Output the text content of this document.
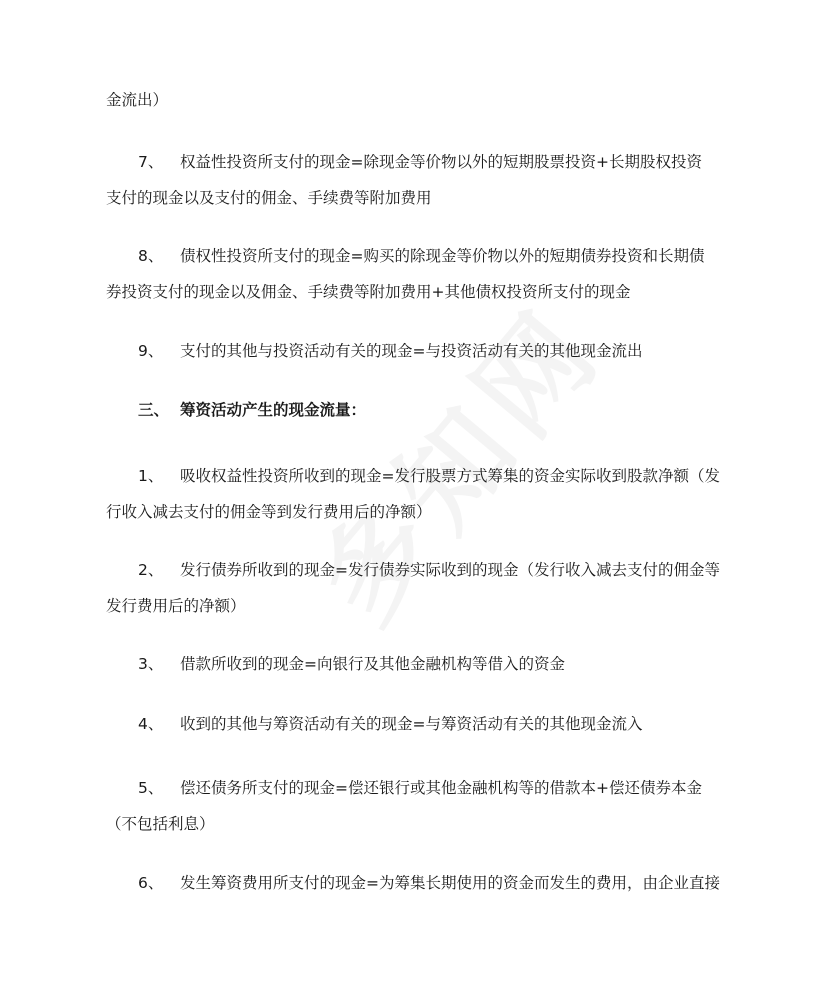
金流出）
7、 权益性投资所支付的现金=除现金等价物以外的短期股票投资+长期股权投资
支付的现金以及支付的佣金、手续费等附加费用
8、 债权性投资所支付的现金=购买的除现金等价物以外的短期债券投资和长期债
券投资支付的现金以及佣金、手续费等附加费用+其他债权投资所支付的现金
9、 支付的其他与投资活动有关的现金=与投资活动有关的其他现金流出
三、 筹资活动产生的现金流量：
1、 吸收权益性投资所收到的现金=发行股票方式筹集的资金实际收到股款净额（发
行收入减去支付的佣金等到发行费用后的净额）
2、 发行债券所收到的现金=发行债券实际收到的现金（发行收入减去支付的佣金等
发行费用后的净额）
3、 借款所收到的现金=向银行及其他金融机构等借入的资金
4、 收到的其他与筹资活动有关的现金=与筹资活动有关的其他现金流入
5、 偿还债务所支付的现金=偿还银行或其他金融机构等的借款本+偿还债券本金
（不包括利息）
6、 发生筹资费用所支付的现金=为筹集长期使用的资金而发生的费用，由企业直接
